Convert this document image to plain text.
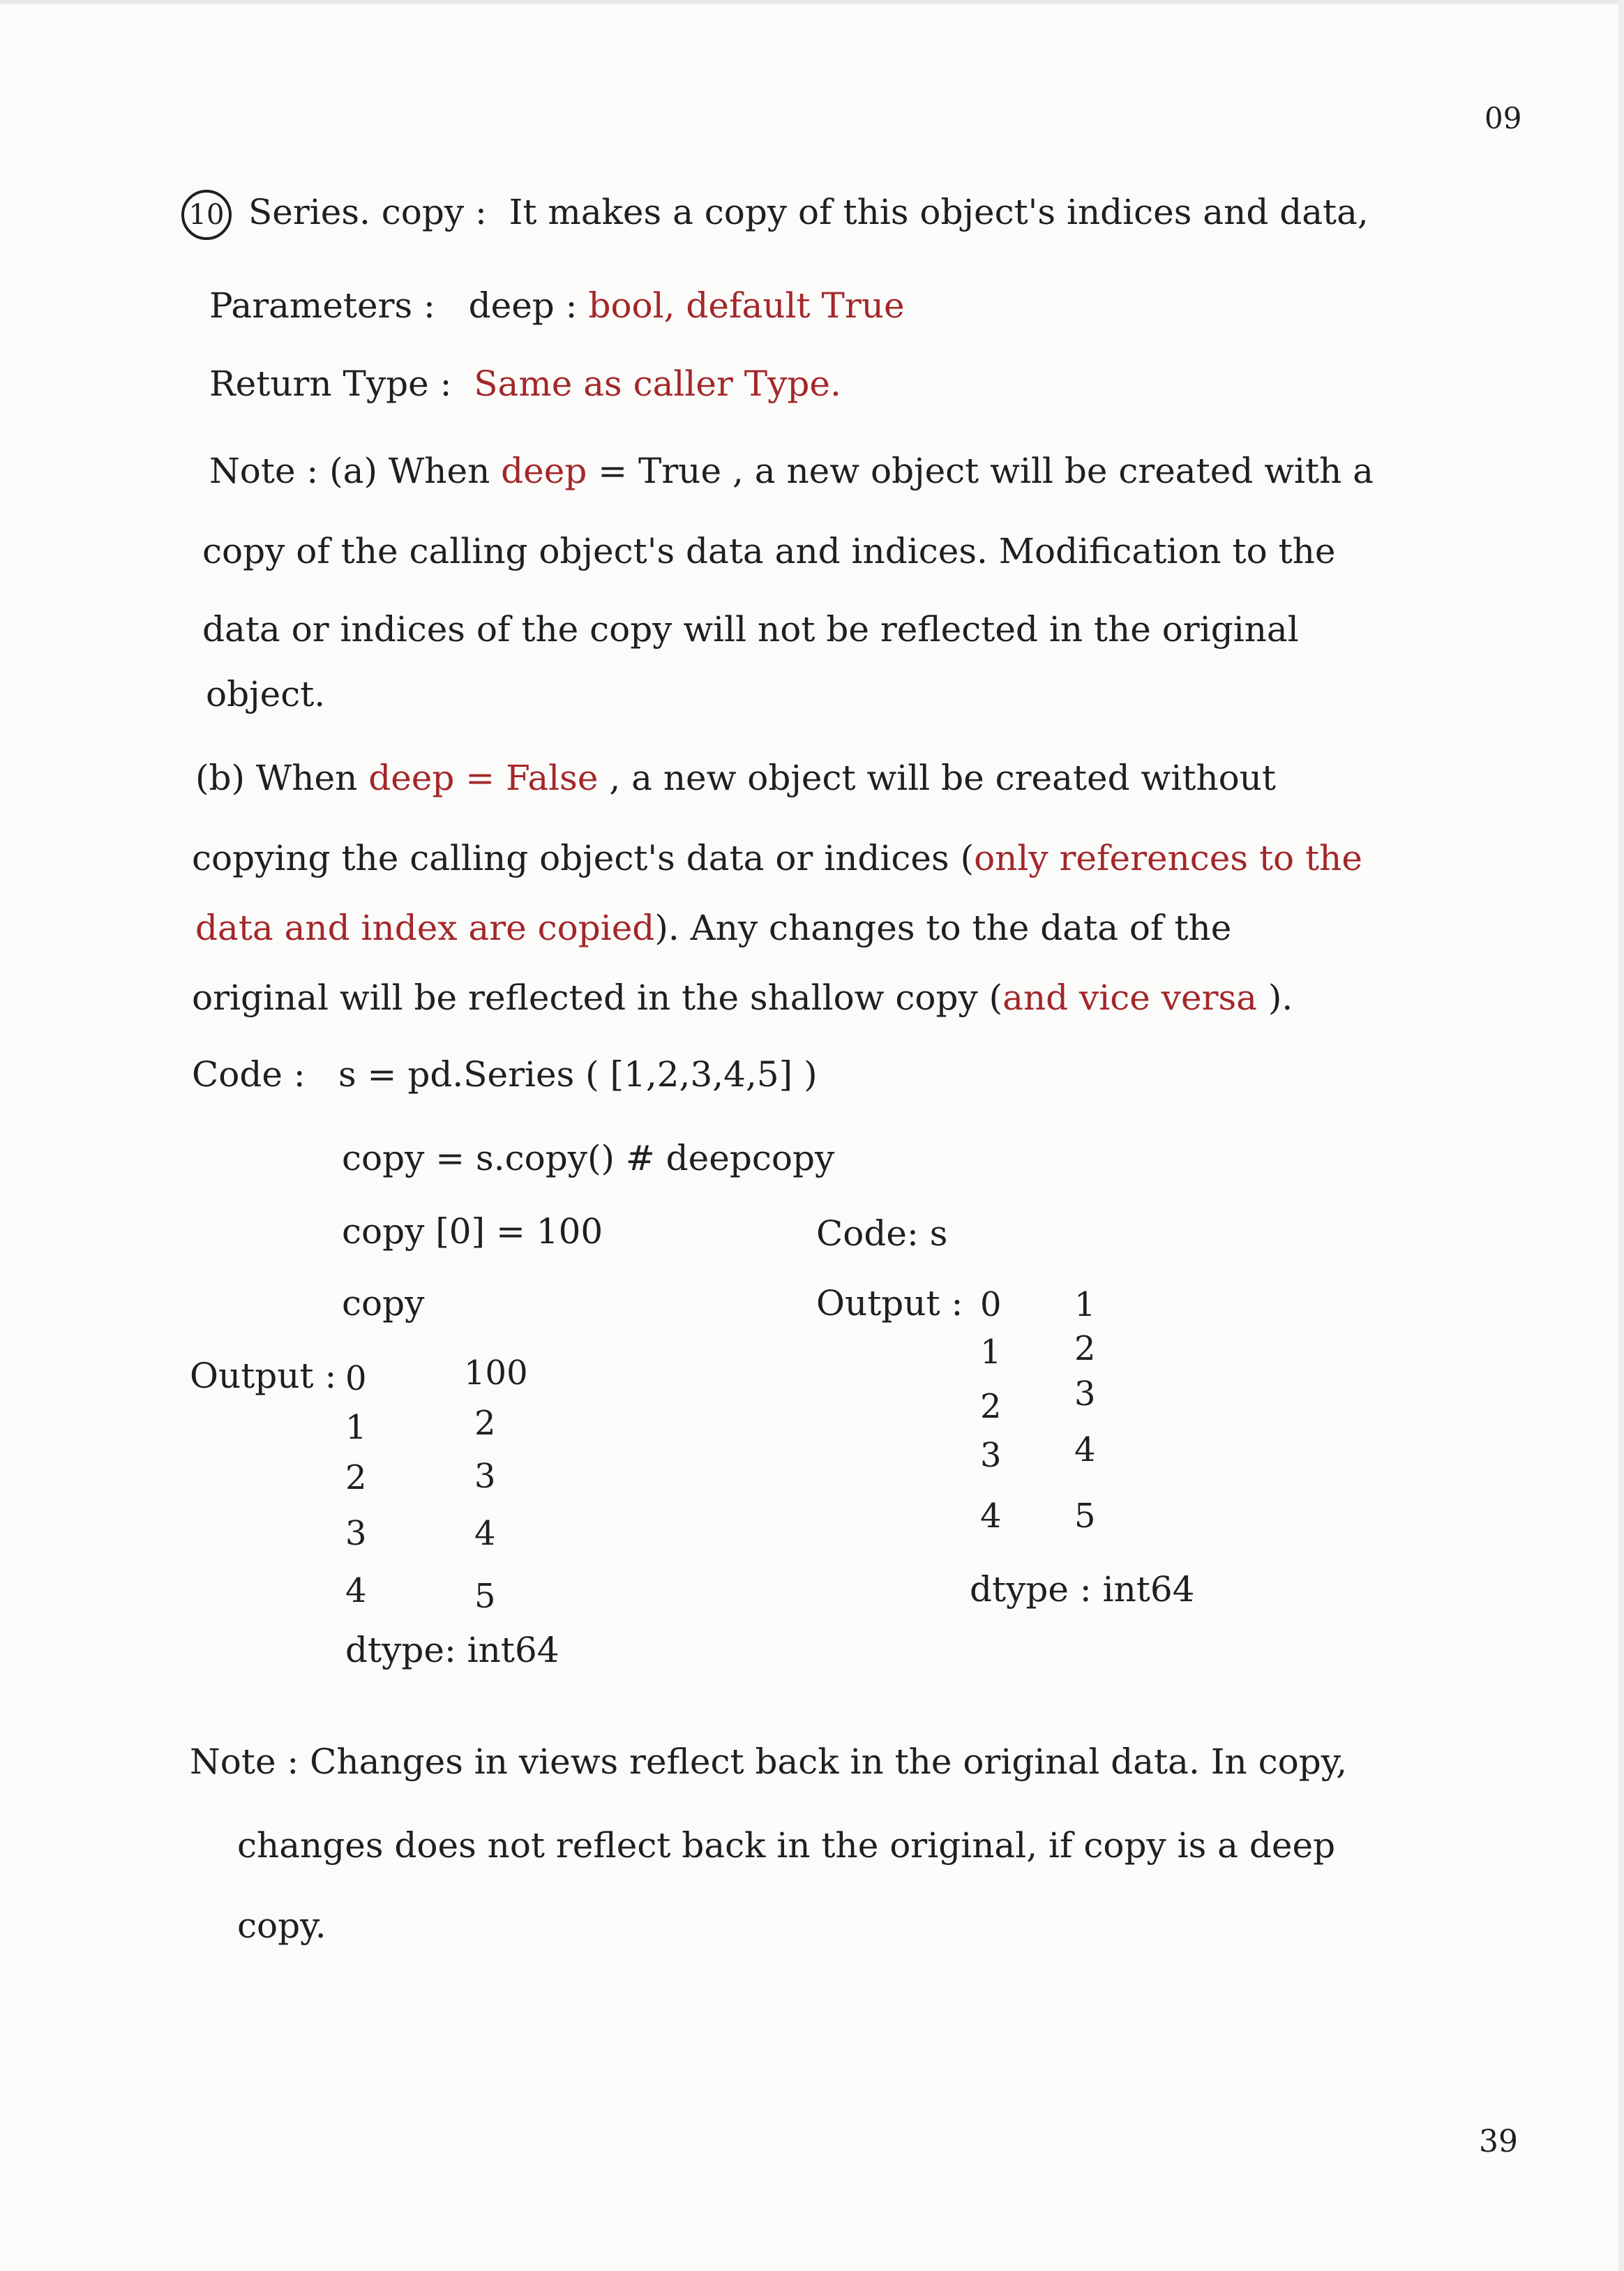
09
10 Series. copy : It makes a copy of this object's indices and data,
Parameters : deep : bool, default True
Return Type : Same as caller Type.
Note : (a) When deep = True , a new object will be created with a
copy of the calling object's data and indices. Modification to the
data or indices of the copy will not be reflected in the original
object.
(b) When deep = False , a new object will be created without
copying the calling object's data or indices (only references to the
data and index are copied). Any changes to the data of the
original will be reflected in the shallow copy (and vice versa ).
Code : s = pd.Series ( [1,2,3,4,5] )
copy = s.copy() # deepcopy
copy [0] = 100
copy
Output : 0	100
1	2
2	3
3	4
4	5
dtype: int64
Code: s
Output : 0 1
1 2
2 3
3 4
4 5
dtype : int64
Note : Changes in views reflect back in the original data. In copy,
changes does not reflect back in the original, if copy is a deep
copy.
39
